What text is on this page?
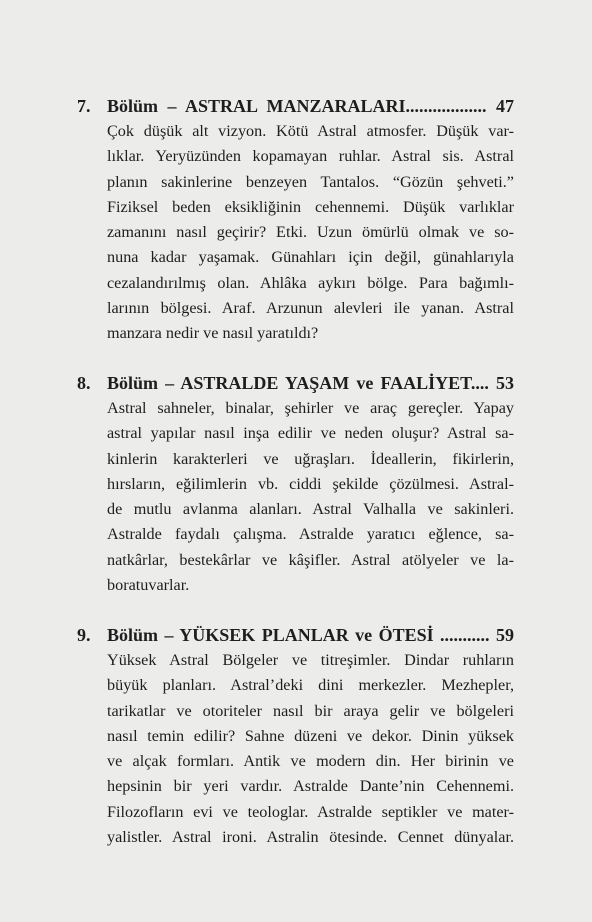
7. Bölüm – ASTRAL MANZARALARI.................. 47
Çok düşük alt vizyon. Kötü Astral atmosfer. Düşük var-
lıklar. Yeryüzünden kopamayan ruhlar. Astral sis. Astral
planın sakinlerine benzeyen Tantalos. “Gözün şehveti.”
Fiziksel beden eksikliğinin cehennemi. Düşük varlıklar
zamanını nasıl geçirir? Etki. Uzun ömürlü olmak ve so-
nuna kadar yaşamak. Günahları için değil, günahlarıyla
cezalandırılmış olan. Ahlâka aykırı bölge. Para bağımlı-
larının bölgesi. Araf. Arzunun alevleri ile yanan. Astral
manzara nedir ve nasıl yaratıldı?
8. Bölüm – ASTRALDE YAŞAM ve FAALİYET.... 53
Astral sahneler, binalar, şehirler ve araç gereçler. Yapay
astral yapılar nasıl inşa edilir ve neden oluşur? Astral sa-
kinlerin karakterleri ve uğraşları. İdeallerin, fikirlerin,
hırsların, eğilimlerin vb. ciddi şekilde çözülmesi. Astral-
de mutlu avlanma alanları. Astral Valhalla ve sakinleri.
Astralde faydalı çalışma. Astralde yaratıcı eğlence, sa-
natkârlar, bestekârlar ve kâşifler. Astral atölyeler ve la-
boratuvarlar.
9. Bölüm – YÜKSEK PLANLAR ve ÖTESİ ........... 59
Yüksek Astral Bölgeler ve titreşimler. Dindar ruhların
büyük planları. Astral’deki dini merkezler. Mezhepler,
tarikatlar ve otoriteler nasıl bir araya gelir ve bölgeleri
nasıl temin edilir? Sahne düzeni ve dekor. Dinin yüksek
ve alçak formları. Antik ve modern din. Her birinin ve
hepsinin bir yeri vardır. Astralde Dante’nin Cehennemi.
Filozofların evi ve teologlar. Astralde septikler ve mater-
yalistler. Astral ironi. Astralin ötesinde. Cennet dünyalar.
